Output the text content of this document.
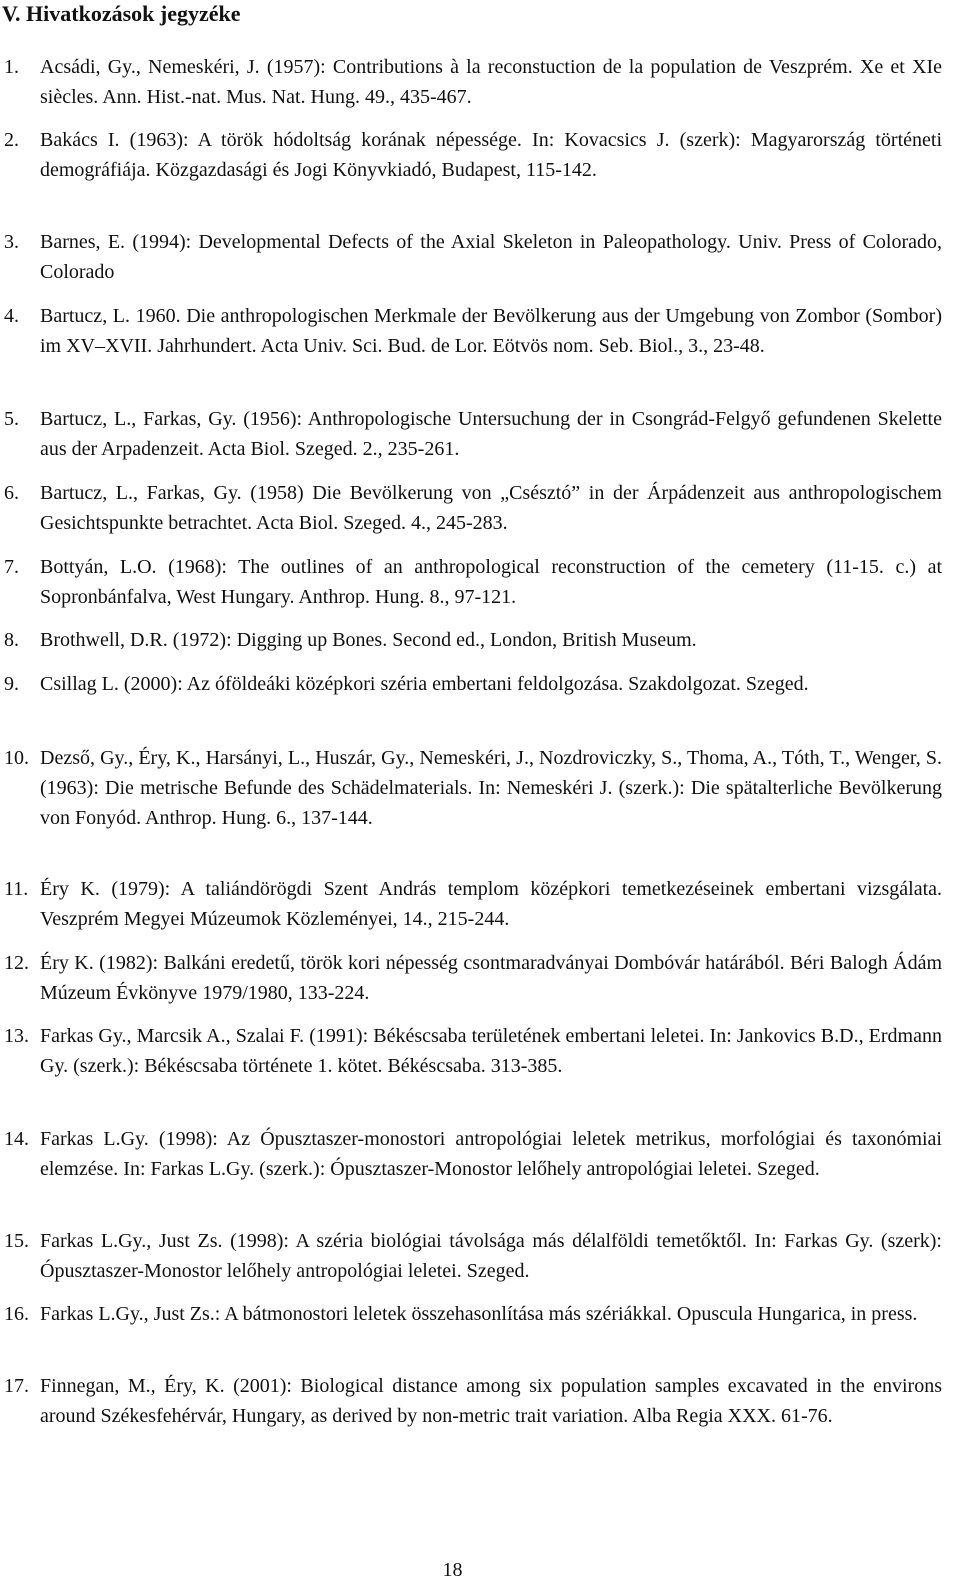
V. Hivatkozások jegyzéke
1. Acsádi, Gy., Nemeskéri, J. (1957): Contributions à la reconstuction de la population de Veszprém. Xe et XIe siècles. Ann. Hist.-nat. Mus. Nat. Hung. 49., 435-467.
2. Bakács I. (1963): A török hódoltság korának népessége. In: Kovacsics J. (szerk): Magyarország történeti demográfiája. Közgazdasági és Jogi Könyvkiadó, Budapest, 115-142.
3. Barnes, E. (1994): Developmental Defects of the Axial Skeleton in Paleopathology. Univ. Press of Colorado, Colorado
4. Bartucz, L. 1960. Die anthropologischen Merkmale der Bevölkerung aus der Umgebung von Zombor (Sombor) im XV–XVII. Jahrhundert. Acta Univ. Sci. Bud. de Lor. Eötvös nom. Seb. Biol., 3., 23-48.
5. Bartucz, L., Farkas, Gy. (1956): Anthropologische Untersuchung der in Csongrád-Felgyő gefundenen Skelette aus der Arpadenzeit. Acta Biol. Szeged. 2., 235-261.
6. Bartucz, L., Farkas, Gy. (1958) Die Bevölkerung von „Csésztó” in der Árpádenzeit aus anthropologischem Gesichtspunkte betrachtet. Acta Biol. Szeged. 4., 245-283.
7. Bottyán, L.O. (1968): The outlines of an anthropological reconstruction of the cemetery (11-15. c.) at Sopronbánfalva, West Hungary. Anthrop. Hung. 8., 97-121.
8. Brothwell, D.R. (1972): Digging up Bones. Second ed., London, British Museum.
9. Csillag L. (2000): Az óföldeáki középkori széria embertani feldolgozása. Szakdolgozat. Szeged.
10. Dezső, Gy., Éry, K., Harsányi, L., Huszár, Gy., Nemeskéri, J., Nozdroviczky, S., Thoma, A., Tóth, T., Wenger, S. (1963): Die metrische Befunde des Schädelmaterials. In: Nemeskéri J. (szerk.): Die spätalterliche Bevölkerung von Fonyód. Anthrop. Hung. 6., 137-144.
11. Éry K. (1979): A taliándörögdi Szent András templom középkori temetkezéseinek embertani vizsgálata. Veszprém Megyei Múzeumok Közleményei, 14., 215-244.
12. Éry K. (1982): Balkáni eredetű, török kori népesség csontmaradványai Dombóvár határából. Béri Balogh Ádám Múzeum Évkönyve 1979/1980, 133-224.
13. Farkas Gy., Marcsik A., Szalai F. (1991): Békéscsaba területének embertani leletei. In: Jankovics B.D., Erdmann Gy. (szerk.): Békéscsaba története 1. kötet. Békéscsaba. 313-385.
14. Farkas L.Gy. (1998): Az Ópusztaszer-monostori antropológiai leletek metrikus, morfológiai és taxonómiai elemzése. In: Farkas L.Gy. (szerk.): Ópusztaszer-Monostor lelőhely antropológiai leletei. Szeged.
15. Farkas L.Gy., Just Zs. (1998): A széria biológiai távolsága más délalföldi temetőktől. In: Farkas Gy. (szerk): Ópusztaszer-Monostor lelőhely antropológiai leletei. Szeged.
16. Farkas L.Gy., Just Zs.: A bátmonostori leletek összehasonlítása más szériákkal. Opuscula Hungarica, in press.
17. Finnegan, M., Éry, K. (2001): Biological distance among six population samples excavated in the environs around Székesfehérvár, Hungary, as derived by non-metric trait variation. Alba Regia XXX. 61-76.
18
